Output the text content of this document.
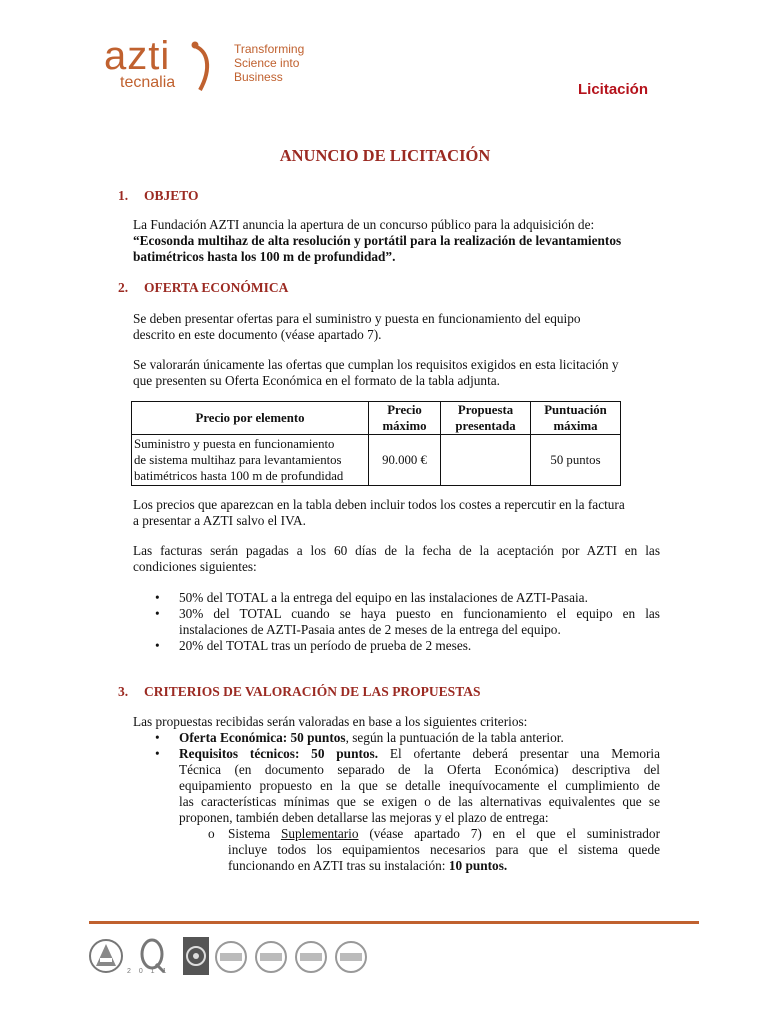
azti
tecnalia
Transforming
Science into
Business
Licitación
ANUNCIO DE LICITACIÓN
1. OBJETO
La Fundación AZTI anuncia la apertura de un concurso público para la adquisición de:
“Ecosonda multihaz de alta resolución y portátil para la realización de levantamientos
batimétricos hasta los 100 m de profundidad”.
2. OFERTA ECONÓMICA
Se deben presentar ofertas para el suministro y puesta en funcionamiento del equipo
descrito en este documento (véase apartado 7).
Se valorarán únicamente las ofertas que cumplan los requisitos exigidos en esta licitación y
que presenten su Oferta Económica en el formato de la tabla adjunta.
Precio por elemento	Precio máximo	Propuesta presentada	Puntuación máxima

Suministro y puesta en funcionamiento
de sistema multihaz para levantamientos
batimétricos hasta 100 m de profundidad	90.000 €		50 puntos
Los precios que aparezcan en la tabla deben incluir todos los costes a repercutir en la factura
a presentar a AZTI salvo el IVA.
Las facturas serán pagadas a los 60 días de la fecha de la aceptación por AZTI en las
condiciones siguientes:
• 50% del TOTAL a la entrega del equipo en las instalaciones de AZTI-Pasaia.
• 30% del TOTAL cuando se haya puesto en funcionamiento el equipo en las
instalaciones de AZTI-Pasaia antes de 2 meses de la entrega del equipo.
• 20% del TOTAL tras un período de prueba de 2 meses.
3. CRITERIOS DE VALORACIÓN DE LAS PROPUESTAS
Las propuestas recibidas serán valoradas en base a los siguientes criterios:
• Oferta Económica: 50 puntos, según la puntuación de la tabla anterior.
• Requisitos técnicos: 50 puntos. El ofertante deberá presentar una Memoria
Técnica (en documento separado de la Oferta Económica) descriptiva del
equipamiento propuesto en la que se detalle inequívocamente el cumplimiento de
las características mínimas que se exigen o de las alternativas equivalentes que se
proponen, también deben detallarse las mejoras y el plazo de entrega:
o Sistema Suplementario (véase apartado 7) en el que el suministrador
incluye todos los equipamientos necesarios para que el sistema quede
funcionando en AZTI tras su instalación: 10 puntos.
2 0 1 1
